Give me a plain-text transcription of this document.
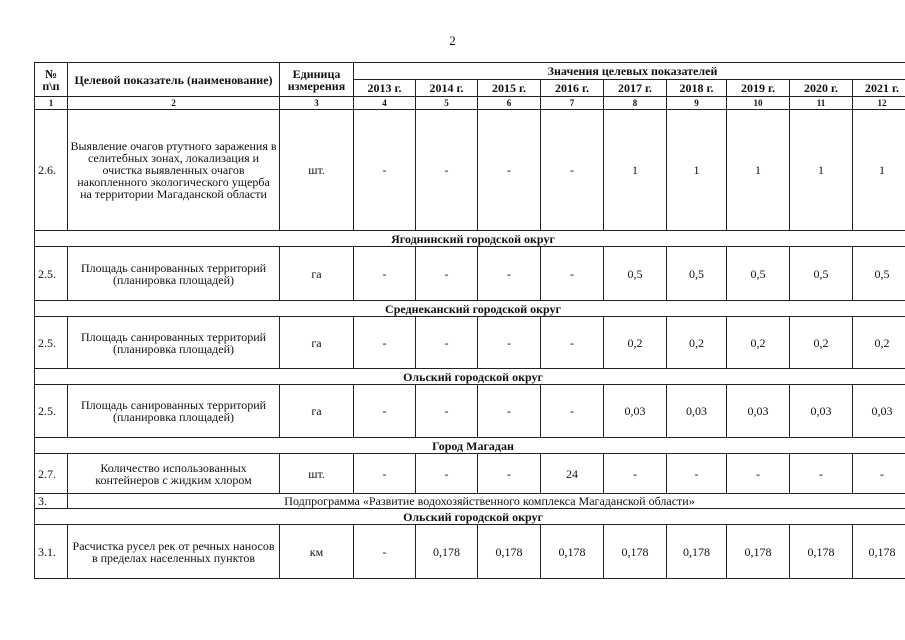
2
№ п\п	Целевой показатель (наименование)	Единица измерения	Значения целевых показателей								
			2013 г.	2014 г.	2015 г.	2016 г.	2017 г.	2018 г.	2019 г.	2020 г.	2021 г.
1	2	3	4	5	6	7	8	9	10	11	12
2.6.	Выявление очагов ртутного заражения в селитебных зонах, локализация и очистка выявленных очагов накопленного экологического ущерба на территории Магаданской области	шт.	-	-	-	-	1	1	1	1	1
Ягоднинский городской округ											
2.5.	Площадь санированных территорий (планировка площадей)	га	-	-	-	-	0,5	0,5	0,5	0,5	0,5
Среднеканский городской округ											
2.5.	Площадь санированных территорий (планировка площадей)	га	-	-	-	-	0,2	0,2	0,2	0,2	0,2
Ольский городской округ											
2.5.	Площадь санированных территорий (планировка площадей)	га	-	-	-	-	0,03	0,03	0,03	0,03	0,03
Город Магадан											
2.7.	Количество использованных контейнеров с жидким хлором	шт.	-	-	-	24	-	-	-	-	-
3.	Подпрограмма «Развитие водохозяйственного комплекса Магаданской области»										
Ольский городской округ											
3.1.	Расчистка русел рек от речных наносов в пределах населенных пунктов	км	-	0,178	0,178	0,178	0,178	0,178	0,178	0,178	0,178
